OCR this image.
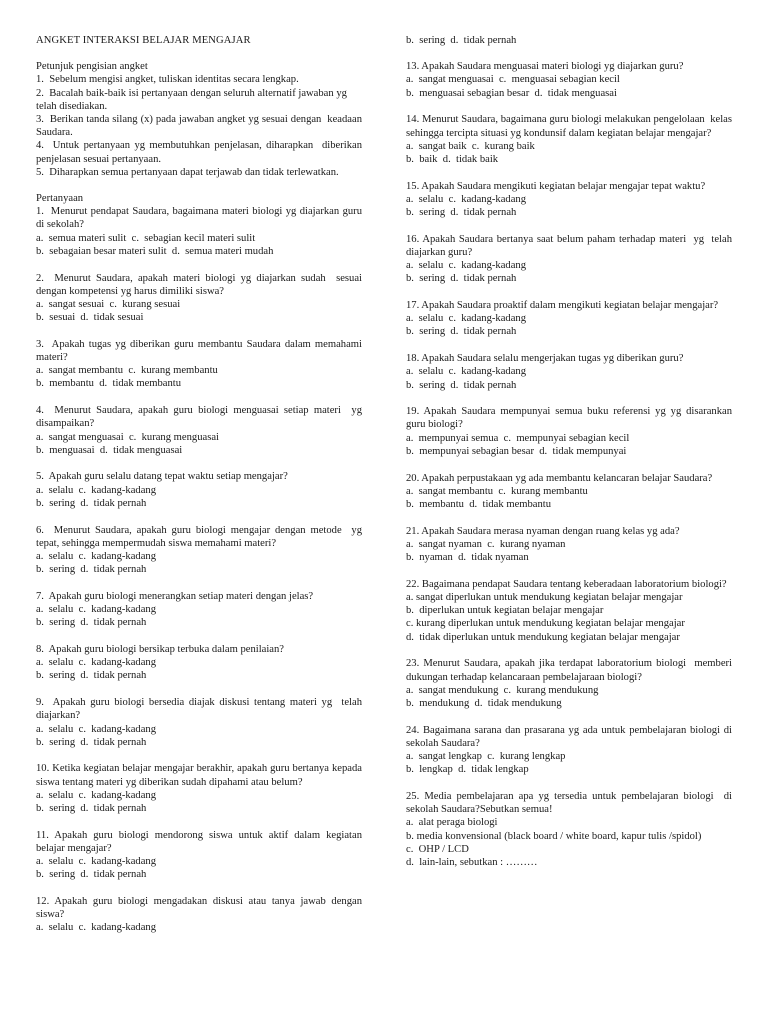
ANGKET INTERAKSI BELAJAR MENGAJAR
Petunjuk pengisian angket
1.  Sebelum mengisi angket, tuliskan identitas secara lengkap.
2.  Bacalah baik-baik isi pertanyaan dengan seluruh alternatif jawaban yg telah disediakan.
3.  Berikan tanda silang (x) pada jawaban angket yg sesuai dengan  keadaan Saudara.
4.  Untuk pertanyaan yg membutuhkan penjelasan, diharapkan  diberikan penjelasan sesuai pertanyaan.
5.  Diharapkan semua pertanyaan dapat terjawab dan tidak terlewatkan.
Pertanyaan
1.  Menurut pendapat Saudara, bagaimana materi biologi yg diajarkan guru di sekolah?
a.  semua materi sulit  c.  sebagian kecil materi sulit
b.  sebagaian besar materi sulit  d.  semua materi mudah
2.  Menurut Saudara, apakah materi biologi yg diajarkan sudah  sesuai dengan kompetensi yg harus dimiliki siswa?
a.  sangat sesuai  c.  kurang sesuai
b.  sesuai  d.  tidak sesuai
3.  Apakah tugas yg diberikan guru membantu Saudara dalam memahami materi?
a.  sangat membantu  c.  kurang membantu
b.  membantu  d.  tidak membantu
4.  Menurut Saudara, apakah guru biologi menguasai setiap materi  yg disampaikan?
a.  sangat menguasai  c.  kurang menguasai
b.  menguasai  d.  tidak menguasai
5.  Apakah guru selalu datang tepat waktu setiap mengajar?
a.  selalu  c.  kadang-kadang
b.  sering  d.  tidak pernah
6.  Menurut Saudara, apakah guru biologi mengajar dengan metode  yg tepat, sehingga mempermudah siswa memahami materi?
a.  selalu  c.  kadang-kadang
b.  sering  d.  tidak pernah
7.  Apakah guru biologi menerangkan setiap materi dengan jelas?
a.  selalu  c.  kadang-kadang
b.  sering  d.  tidak pernah
8.  Apakah guru biologi bersikap terbuka dalam penilaian?
a.  selalu  c.  kadang-kadang
b.  sering  d.  tidak pernah
9.  Apakah guru biologi bersedia diajak diskusi tentang materi yg  telah diajarkan?
a.  selalu  c.  kadang-kadang
b.  sering  d.  tidak pernah
10. Ketika kegiatan belajar mengajar berakhir, apakah guru bertanya kepada siswa tentang materi yg diberikan sudah dipahami atau belum?
a.  selalu  c.  kadang-kadang
b.  sering  d.  tidak pernah
11. Apakah guru biologi mendorong siswa untuk aktif dalam kegiatan belajar mengajar?
a.  selalu  c.  kadang-kadang
b.  sering  d.  tidak pernah
12. Apakah guru biologi mengadakan diskusi atau tanya jawab dengan siswa?
a.  selalu  c.  kadang-kadang
b.  sering  d.  tidak pernah
13. Apakah Saudara menguasai materi biologi yg diajarkan guru?
a.  sangat menguasai  c.  menguasai sebagian kecil
b.  menguasai sebagian besar  d.  tidak menguasai
14. Menurut Saudara, bagaimana guru biologi melakukan pengelolaan  kelas sehingga tercipta situasi yg kondunsif dalam kegiatan belajar mengajar?
a.  sangat baik  c.  kurang baik
b.  baik  d.  tidak baik
15. Apakah Saudara mengikuti kegiatan belajar mengajar tepat waktu?
a.  selalu  c.  kadang-kadang
b.  sering  d.  tidak pernah
16. Apakah Saudara bertanya saat belum paham terhadap materi  yg  telah diajarkan guru?
a.  selalu  c.  kadang-kadang
b.  sering  d.  tidak pernah
17. Apakah Saudara proaktif dalam mengikuti kegiatan belajar mengajar?
a.  selalu  c.  kadang-kadang
b.  sering  d.  tidak pernah
18. Apakah Saudara selalu mengerjakan tugas yg diberikan guru?
a.  selalu  c.  kadang-kadang
b.  sering  d.  tidak pernah
19. Apakah Saudara mempunyai semua buku referensi yg yg disarankan guru biologi?
a.  mempunyai semua  c.  mempunyai sebagian kecil
b.  mempunyai sebagian besar  d.  tidak mempunyai
20. Apakah perpustakaan yg ada membantu kelancaran belajar Saudara?
a.  sangat membantu  c.  kurang membantu
b.  membantu  d.  tidak membantu
21. Apakah Saudara merasa nyaman dengan ruang kelas yg ada?
a.  sangat nyaman  c.  kurang nyaman
b.  nyaman  d.  tidak nyaman
22. Bagaimana pendapat Saudara tentang keberadaan laboratorium biologi?
a. sangat diperlukan untuk mendukung kegiatan belajar mengajar
b.  diperlukan untuk kegiatan belajar mengajar
c. kurang diperlukan untuk mendukung kegiatan belajar mengajar
d.  tidak diperlukan untuk mendukung kegiatan belajar mengajar
23. Menurut Saudara, apakah jika terdapat laboratorium biologi  memberi dukungan terhadap kelancaraan pembelajaraan biologi?
a.  sangat mendukung  c.  kurang mendukung
b.  mendukung  d.  tidak mendukung
24. Bagaimana sarana dan prasarana yg ada untuk pembelajaran biologi di sekolah Saudara?
a.  sangat lengkap  c.  kurang lengkap
b.  lengkap  d.  tidak lengkap
25. Media pembelajaran apa yg tersedia untuk pembelajaran biologi  di sekolah Saudara?Sebutkan semua!
a.  alat peraga biologi
b. media konvensional (black board / white board, kapur tulis /spidol)
c.  OHP / LCD
d.  lain-lain, sebutkan : ………
